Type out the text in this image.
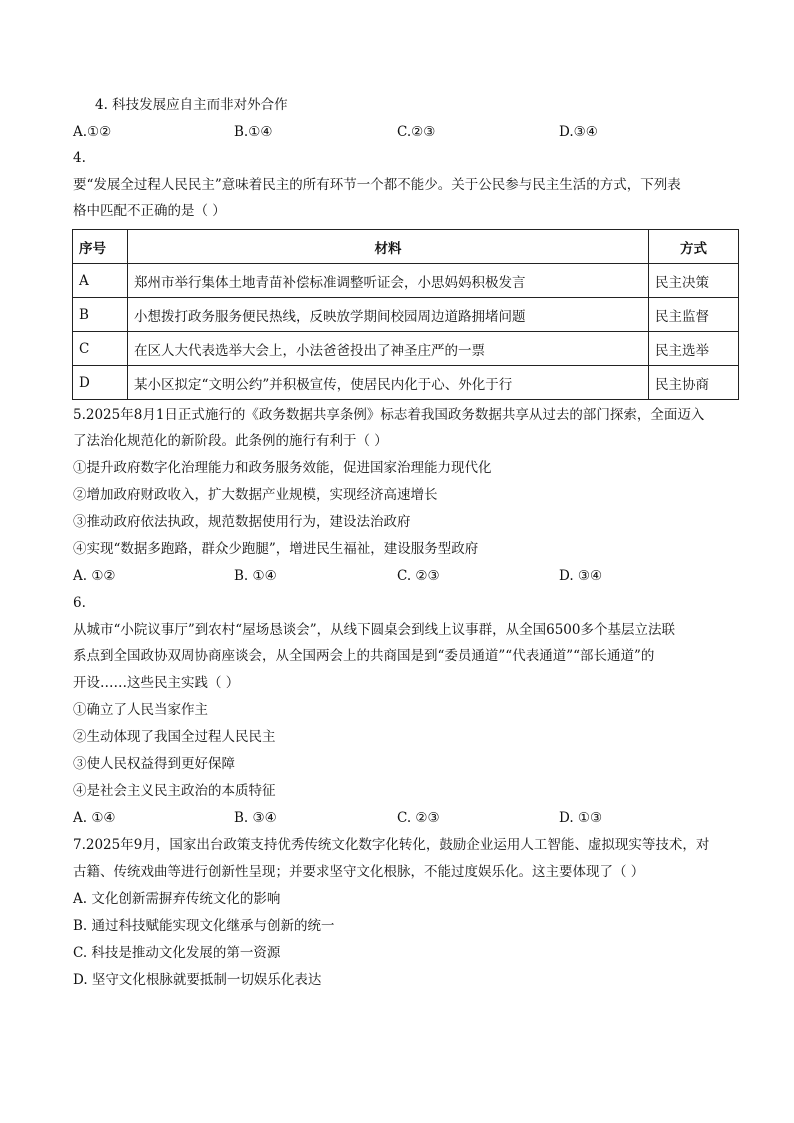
4. 科技发展应自主而非对外合作
A.①②	B.①④	C.②③	D.③④
4.
要“发展全过程人民民主”意味着民主的所有环节一个都不能少。关于公民参与民主生活的方式，下列表
格中匹配不正确的是（ ）
序号	材料	方式
A	郑州市举行集体土地青苗补偿标准调整听证会，小思妈妈积极发言	民主决策
B	小想拨打政务服务便民热线，反映放学期间校园周边道路拥堵问题	民主监督
C	在区人大代表选举大会上，小法爸爸投出了神圣庄严的一票	民主选举
D	某小区拟定“文明公约”并积极宣传，使居民内化于心、外化于行	民主协商
5.2025年8月1日正式施行的《政务数据共享条例》标志着我国政务数据共享从过去的部门探索，全面迈入
了法治化规范化的新阶段。此条例的施行有利于（ ）
①提升政府数字化治理能力和政务服务效能，促进国家治理能力现代化
②增加政府财政收入，扩大数据产业规模，实现经济高速增长
③推动政府依法执政，规范数据使用行为，建设法治政府
④实现“数据多跑路，群众少跑腿”，增进民生福祉，建设服务型政府
A. ①②	B. ①④	C. ②③	D. ③④
6.
从城市“小院议事厅”到农村“屋场恳谈会”，从线下圆桌会到线上议事群，从全国6500多个基层立法联
系点到全国政协双周协商座谈会，从全国两会上的共商国是到“委员通道”“代表通道”“部长通道”的
开设……这些民主实践（ ）
①确立了人民当家作主
②生动体现了我国全过程人民民主
③使人民权益得到更好保障
④是社会主义民主政治的本质特征
A. ①④	B. ③④	C. ②③	D. ①③
7.2025年9月，国家出台政策支持优秀传统文化数字化转化，鼓励企业运用人工智能、虚拟现实等技术，对
古籍、传统戏曲等进行创新性呈现；并要求坚守文化根脉，不能过度娱乐化。这主要体现了（ ）
A. 文化创新需摒弃传统文化的影响
B. 通过科技赋能实现文化继承与创新的统一
C. 科技是推动文化发展的第一资源
D. 坚守文化根脉就要抵制一切娱乐化表达
